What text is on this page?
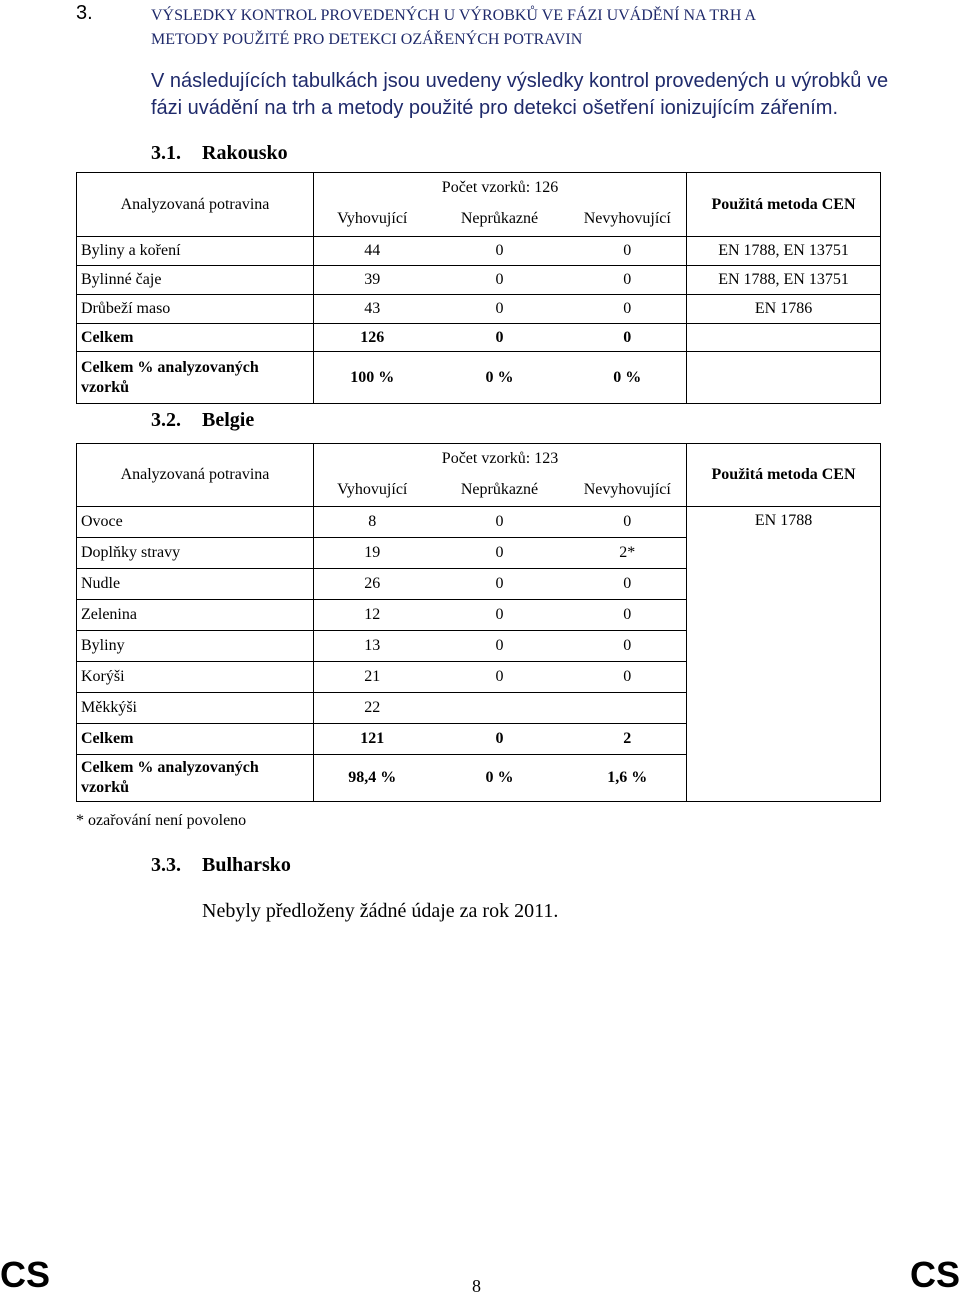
3.	VÝSLEDKY KONTROL PROVEDENÝCH U VÝROBKŮ VE FÁZI UVÁDĚNÍ NA TRH A
METODY POUŽITÉ PRO DETEKCI OZÁŘENÝCH POTRAVIN
V následujících tabulkách jsou uvedeny výsledky kontrol provedených u výrobků ve fázi uvádění na trh a metody použité pro detekci ošetření ionizujícím zářením.
3.1. Rakousko
Analyzovaná potravina	Počet vzorků: 126			Použitá metoda CEN
	Vyhovující	Neprůkazné	Nevyhovující	
Byliny a koření	44	0	0	EN 1788, EN 13751
Bylinné čaje	39	0	0	EN 1788, EN 13751
Drůbeží maso	43	0	0	EN 1786
Celkem	126	0	0	
Celkem % analyzovaných vzorků	100 %	0 %	0 %	
3.2. Belgie
Analyzovaná potravina	Počet vzorků: 123			Použitá metoda CEN
	Vyhovující	Neprůkazné	Nevyhovující	
Ovoce	8	0	0	EN 1788
Doplňky stravy	19	0	2*	
Nudle	26	0	0	
Zelenina	12	0	0	
Byliny	13	0	0	
Korýši	21	0	0	
Měkkýši	22			
Celkem	121	0	2	
Celkem % analyzovaných vzorků	98,4 %	0 %	1,6 %	
* ozařování není povoleno
3.3. Bulharsko
Nebyly předloženy žádné údaje za rok 2011.
CS	8	CS
